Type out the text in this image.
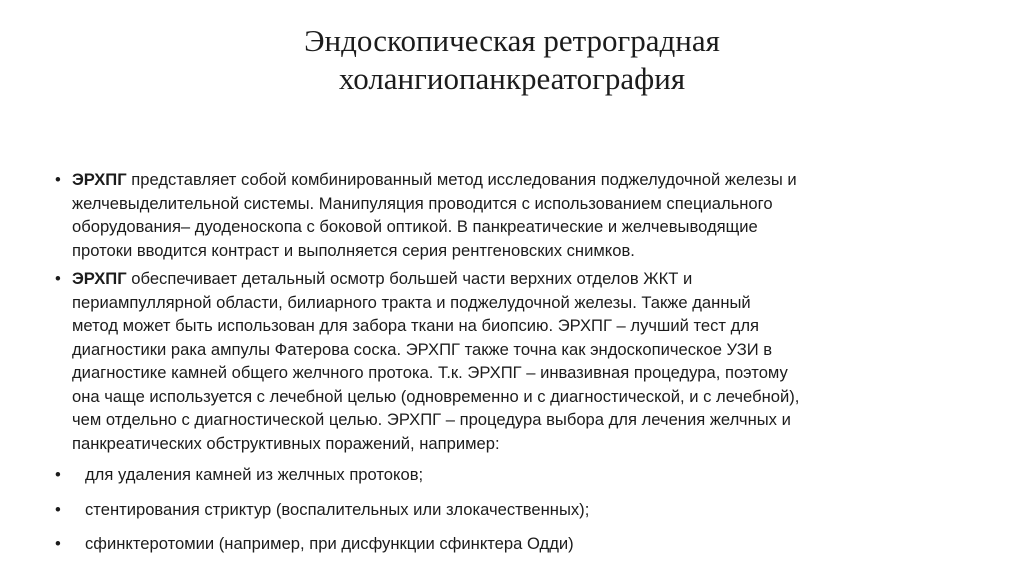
Эндоскопическая ретроградная
холангиопанкреатография
• ЭРХПГ представляет собой комбинированный метод исследования поджелудочной железы и
желчевыделительной системы. Манипуляция проводится с использованием специального
оборудования– дуоденоскопа с боковой оптикой. В панкреатические и желчевыводящие
протоки вводится контраст и выполняется серия рентгеновских снимков.
• ЭРХПГ обеспечивает детальный осмотр большей части верхних отделов ЖКТ и
периампуллярной области, билиарного тракта и поджелудочной железы. Также данный
метод может быть использован для забора ткани на биопсию. ЭРХПГ – лучший тест для
диагностики рака ампулы Фатерова соска. ЭРХПГ также точна как эндоскопическое УЗИ в
диагностике камней общего желчного протока. Т.к. ЭРХПГ – инвазивная процедура, поэтому
она чаще используется с лечебной целью (одновременно и с диагностической, и с лечебной),
чем отдельно с диагностической целью. ЭРХПГ – процедура выбора для лечения желчных и
панкреатических обструктивных поражений, например:
• для удаления камней из желчных протоков;
• стентирования стриктур (воспалительных или злокачественных);
• сфинктеротомии (например, при дисфункции сфинктера Одди)
